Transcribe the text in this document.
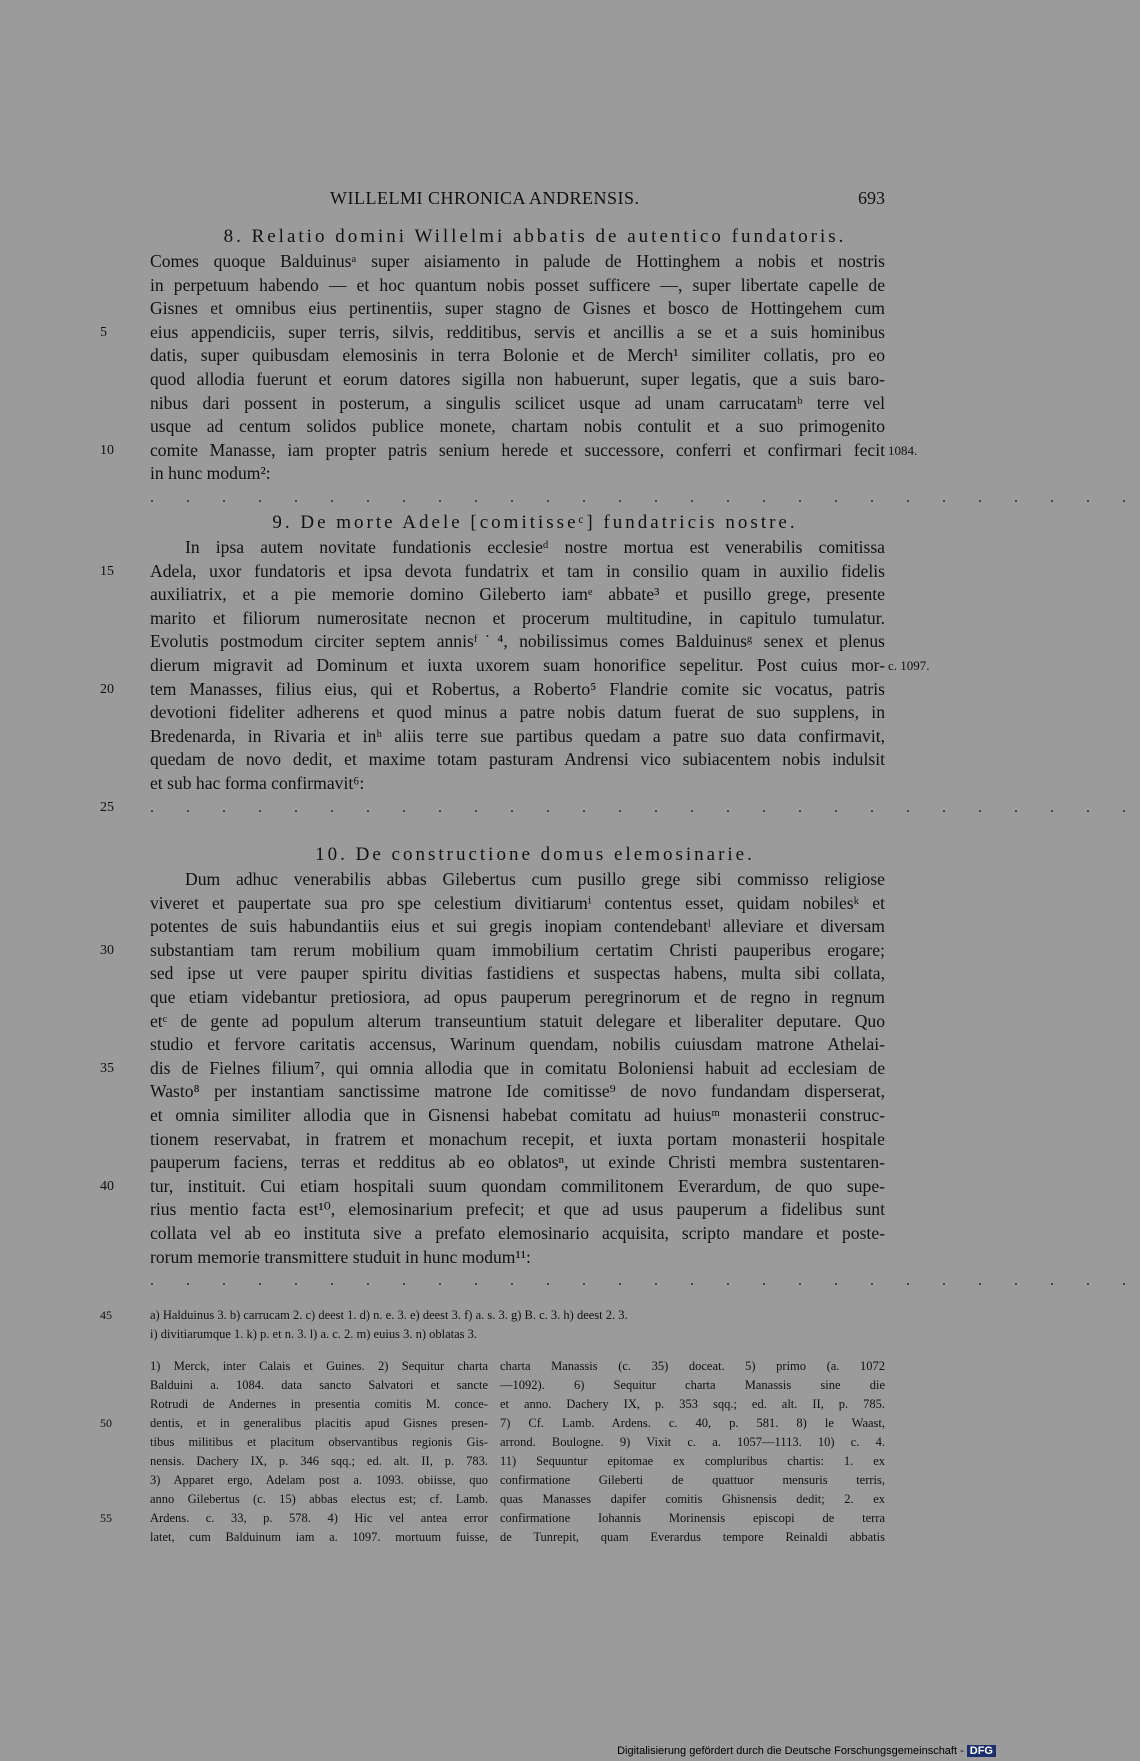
WILLELMI CHRONICA ANDRENSIS.	693
8. Relatio domini Willelmi abbatis de autentico fundatoris.
Comes quoque Balduinusᵃ super aisiamento in palude de Hottinghem a nobis et nostris
in perpetuum habendo — et hoc quantum nobis posset sufficere —, super libertate capelle de
Gisnes et omnibus eius pertinentiis, super stagno de Gisnes et bosco de Hottingehem cum
5	eius appendiciis, super terris, silvis, redditibus, servis et ancillis a se et a suis hominibus
datis, super quibusdam elemosinis in terra Bolonie et de Merch¹ similiter collatis, pro eo
quod allodia fuerunt et eorum datores sigilla non habuerunt, super legatis, que a suis baro-
nibus dari possent in posterum, a singulis scilicet usque ad unam carrucatamᵇ terre vel
usque ad centum solidos publice monete, chartam nobis contulit et a suo primogenito
10	comite Manasse, iam propter patris senium herede et successore, conferri et confirmari fecit 1084.
in hunc modum²:
. . . . . . . . . . . . . . . . . . . . . . . . . . . .
9. De morte Adele [comitisseᶜ] fundatricis nostre.
In ipsa autem novitate fundationis ecclesieᵈ nostre mortua est venerabilis comitissa
15	Adela, uxor fundatoris et ipsa devota fundatrix et tam in consilio quam in auxilio fidelis
auxiliatrix, et a pie memorie domino Gileberto iamᵉ abbate³ et pusillo grege, presente
marito et filiorum numerositate necnon et procerum multitudine, in capitulo tumulatur.
Evolutis postmodum circiter septem annisᶠ˙⁴, nobilissimus comes Balduinusᵍ senex et plenus
dierum migravit ad Dominum et iuxta uxorem suam honorifice sepelitur. Post cuius mor- c. 1097.
20	tem Manasses, filius eius, qui et Robertus, a Roberto⁵ Flandrie comite sic vocatus, patris
devotioni fideliter adherens et quod minus a patre nobis datum fuerat de suo supplens, in
Bredenarda, in Rivaria et inʰ aliis terre sue partibus quedam a patre suo data confirmavit,
quedam de novo dedit, et maxime totam pasturam Andrensi vico subiacentem nobis indulsit
et sub hac forma confirmavit⁶:
25	. . . . . . . . . . . . . . . . . . . . . . . . . . . .
10. De constructione domus elemosinarie.
Dum adhuc venerabilis abbas Gilebertus cum pusillo grege sibi commisso religiose
viveret et paupertate sua pro spe celestium divitiarumⁱ contentus esset, quidam nobilesᵏ et
potentes de suis habundantiis eius et sui gregis inopiam contendebantˡ alleviare et diversam
30	substantiam tam rerum mobilium quam immobilium certatim Christi pauperibus erogare;
sed ipse ut vere pauper spiritu divitias fastidiens et suspectas habens, multa sibi collata,
que etiam videbantur pretiosiora, ad opus pauperum peregrinorum et de regno in regnum
etᶜ de gente ad populum alterum transeuntium statuit delegare et liberaliter deputare. Quo
studio et fervore caritatis accensus, Warinum quendam, nobilis cuiusdam matrone Athelai-
35	dis de Fielnes filium⁷, qui omnia allodia que in comitatu Boloniensi habuit ad ecclesiam de
Wasto⁸ per instantiam sanctissime matrone Ide comitisse⁹ de novo fundandam disperserat,
et omnia similiter allodia que in Gisnensi habebat comitatu ad huiusᵐ monasterii construc-
tionem reservabat, in fratrem et monachum recepit, et iuxta portam monasterii hospitale
pauperum faciens, terras et redditus ab eo oblatosⁿ, ut exinde Christi membra sustentaren-
40	tur, instituit. Cui etiam hospitali suum quondam commilitonem Everardum, de quo supe-
rius mentio facta est¹⁰, elemosinarium prefecit; et que ad usus pauperum a fidelibus sunt
collata vel ab eo instituta sive a prefato elemosinario acquisita, scripto mandare et poste-
rorum memorie transmittere studuit in hunc modum¹¹:
. . . . . . . . . . . . . . . . . . . . . . . . . . . .
45	a) Halduinus 3. b) carrucam 2. c) deest 1. d) n. e. 3. e) deest 3. f) a. s. 3. g) B. c. 3. h) deest 2. 3.
i) divitiarumque 1. k) p. et n. 3. l) a. c. 2. m) euius 3. n) oblatas 3.
1) Merck, inter Calais et Guines. 2) Sequitur charta charta Manassis (c. 35) doceat. 5) primo (a. 1072
Balduini a. 1084. data sancto Salvatori et sancte —1092). 6) Sequitur charta Manassis sine die
Rotrudi de Andernes in presentia comitis M. conce- et anno. Dachery IX, p. 353 sqq.; ed. alt. II, p. 785.
50	dentis, et in generalibus placitis apud Gisnes presen- 7) Cf. Lamb. Ardens. c. 40, p. 581. 8) le Waast,
tibus militibus et placitum observantibus regionis Gis- arrond. Boulogne. 9) Vixit c. a. 1057—1113. 10) c. 4.
nensis. Dachery IX, p. 346 sqq.; ed. alt. II, p. 783. 11) Sequuntur epitomae ex compluribus chartis: 1. ex
3) Apparet ergo, Adelam post a. 1093. obiisse, quo confirmatione Gileberti de quattuor mensuris terris,
anno Gilebertus (c. 15) abbas electus est; cf. Lamb. quas Manasses dapifer comitis Ghisnensis dedit; 2. ex
55	Ardens. c. 33, p. 578. 4) Hic vel antea error confirmatione Iohannis Morinensis episcopi de terra
latet, cum Balduinum iam a. 1097. mortuum fuisse, de Tunrepit, quam Everardus tempore Reinaldi abbatis
Digitalisierung gefördert durch die Deutsche Forschungsgemeinschaft - DFG
